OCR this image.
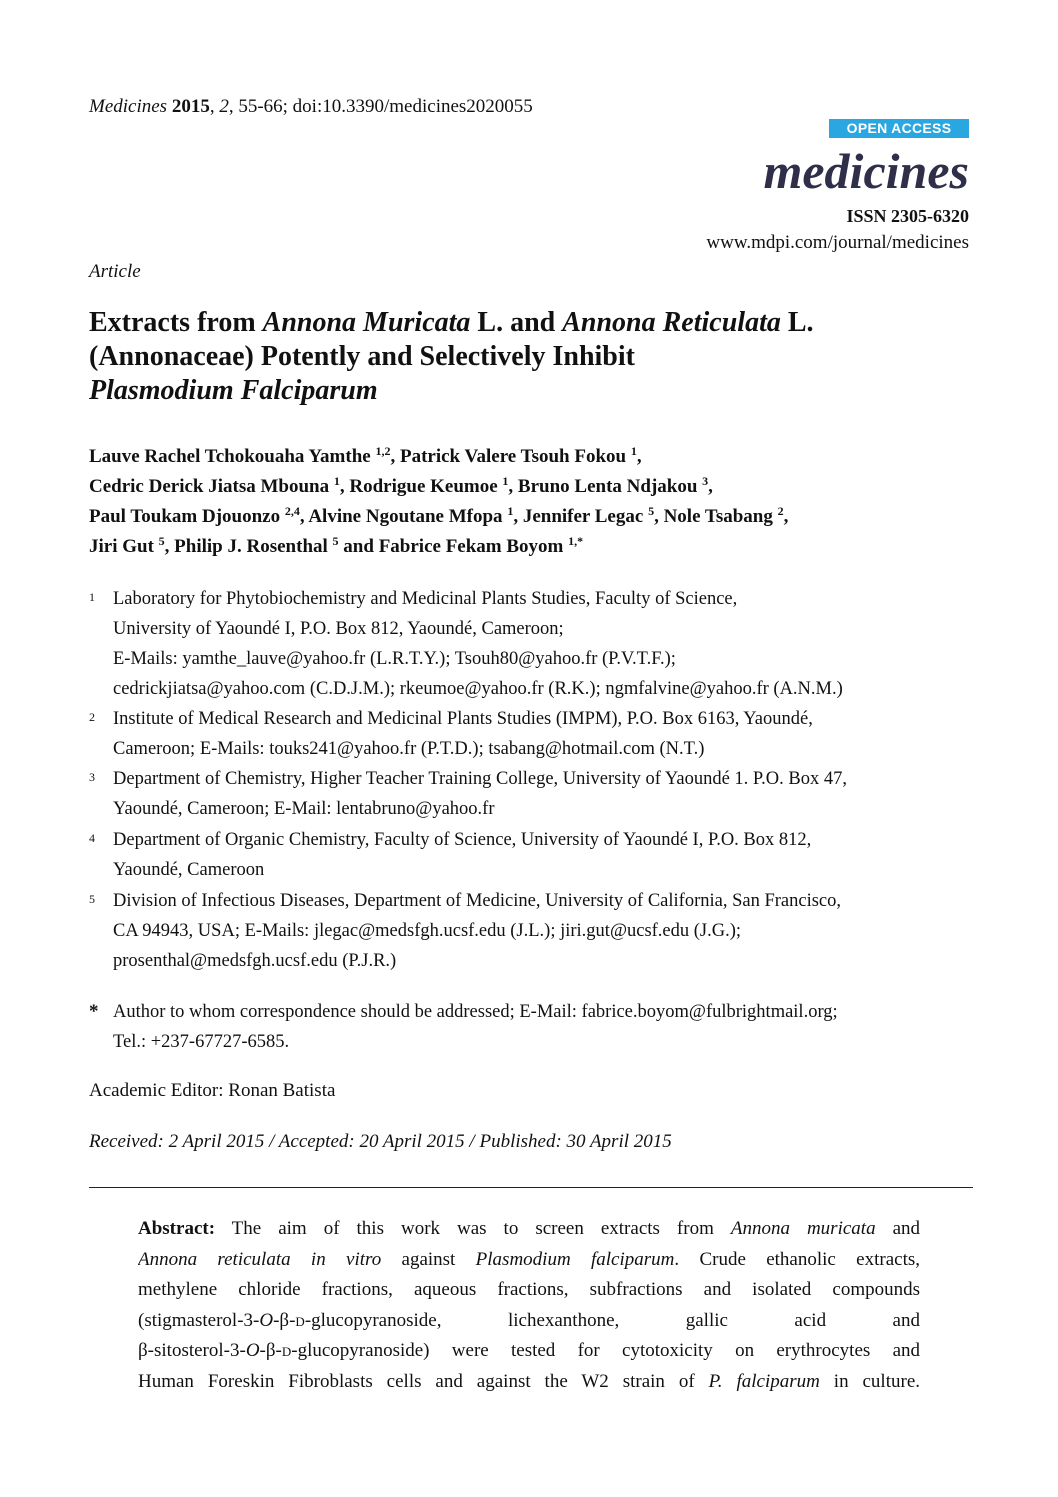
Medicines 2015, 2, 55-66; doi:10.3390/medicines2020055
OPEN ACCESS
medicines
ISSN 2305-6320
www.mdpi.com/journal/medicines
Article
Extracts from Annona Muricata L. and Annona Reticulata L.
(Annonaceae) Potently and Selectively Inhibit
Plasmodium Falciparum
Lauve Rachel Tchokouaha Yamthe $^{1,2}$, Patrick Valere Tsouh Fokou $^1$,
Cedric Derick Jiatsa Mbouna $^1$, Rodrigue Keumoe $^1$, Bruno Lenta Ndjakou $^3$,
Paul Toukam Djouonzo $^{2,4}$, Alvine Ngoutane Mfopa $^1$, Jennifer Legac $^5$, Nole Tsabang $^2$,
Jiri Gut $^5$, Philip J. Rosenthal $^5$ and Fabrice Fekam Boyom $^{1,*}$
1 Laboratory for Phytobiochemistry and Medicinal Plants Studies, Faculty of Science,
University of Yaoundé I, P.O. Box 812, Yaoundé, Cameroon;
E-Mails: yamthe_lauve@yahoo.fr (L.R.T.Y.); Tsouh80@yahoo.fr (P.V.T.F.);
cedrickjiatsa@yahoo.com (C.D.J.M.); rkeumoe@yahoo.fr (R.K.); ngmfalvine@yahoo.fr (A.N.M.)
2 Institute of Medical Research and Medicinal Plants Studies (IMPM), P.O. Box 6163, Yaoundé,
Cameroon; E-Mails: touks241@yahoo.fr (P.T.D.); tsabang@hotmail.com (N.T.)
3 Department of Chemistry, Higher Teacher Training College, University of Yaoundé 1. P.O. Box 47,
Yaoundé, Cameroon; E-Mail: lentabruno@yahoo.fr
4 Department of Organic Chemistry, Faculty of Science, University of Yaoundé I, P.O. Box 812,
Yaoundé, Cameroon
5 Division of Infectious Diseases, Department of Medicine, University of California, San Francisco,
CA 94943, USA; E-Mails: jlegac@medsfgh.ucsf.edu (J.L.); jiri.gut@ucsf.edu (J.G.);
prosenthal@medsfgh.ucsf.edu (P.J.R.)
* Author to whom correspondence should be addressed; E-Mail: fabrice.boyom@fulbrightmail.org;
Tel.: +237-67727-6585.
Academic Editor: Ronan Batista
Received: 2 April 2015 / Accepted: 20 April 2015 / Published: 30 April 2015
Abstract: The aim of this work was to screen extracts from Annona muricata and
Annona reticulata in vitro against Plasmodium falciparum. Crude ethanolic extracts,
methylene chloride fractions, aqueous fractions, subfractions and isolated compounds
(stigmasterol-3-O-β-d-glucopyranoside, lichexanthone, gallic acid and
β-sitosterol-3-O-β-d-glucopyranoside) were tested for cytotoxicity on erythrocytes and
Human Foreskin Fibroblasts cells and against the W2 strain of P. falciparum in culture.
